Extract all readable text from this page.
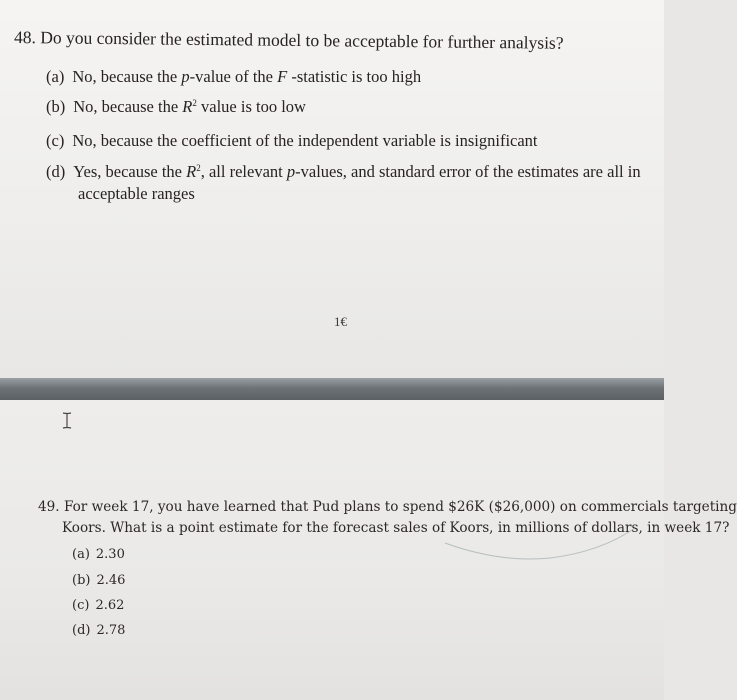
48. Do you consider the estimated model to be acceptable for further analysis?
(a) No, because the p-value of the F -statistic is too high
(b) No, because the $R^2$ value is too low
(c) No, because the coefficient of the independent variable is insignificant
(d) Yes, because the $R^2$, all relevant p-values, and standard error of the estimates are all in
acceptable ranges
1€
49. For week 17, you have learned that Pud plans to spend $26K ($26,000) on commercials targeting
Koors. What is a point estimate for the forecast sales of Koors, in millions of dollars, in week 17?
(a) 2.30
(b) 2.46
(c) 2.62
(d) 2.78
